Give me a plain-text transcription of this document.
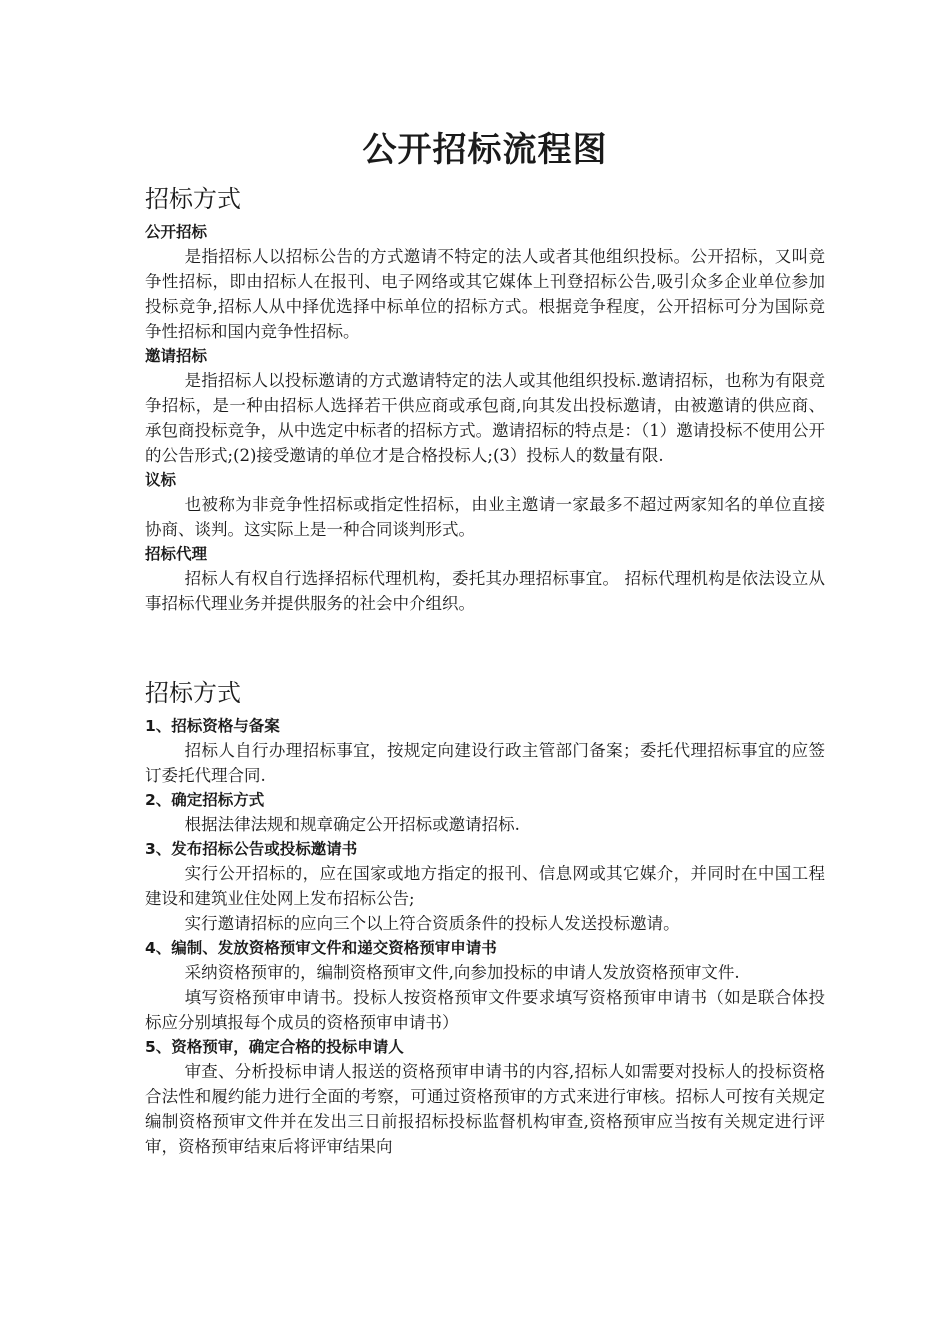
公开招标流程图
招标方式
公开招标

是指招标人以招标公告的方式邀请不特定的法人或者其他组织投标。公开招标，又叫竞争性招标，即由招标人在报刊、电子网络或其它媒体上刊登招标公告,吸引众多企业单位参加投标竞争,招标人从中择优选择中标单位的招标方式。根据竞争程度，公开招标可分为国际竞争性招标和国内竞争性招标。

邀请招标

是指招标人以投标邀请的方式邀请特定的法人或其他组织投标.邀请招标，也称为有限竞争招标，是一种由招标人选择若干供应商或承包商,向其发出投标邀请，由被邀请的供应商、承包商投标竞争，从中选定中标者的招标方式。邀请招标的特点是：（1）邀请投标不使用公开的公告形式;(2)接受邀请的单位才是合格投标人;(3）投标人的数量有限.

议标

也被称为非竞争性招标或指定性招标，由业主邀请一家最多不超过两家知名的单位直接协商、谈判。这实际上是一种合同谈判形式。

招标代理

招标人有权自行选择招标代理机构，委托其办理招标事宜。 招标代理机构是依法设立从事招标代理业务并提供服务的社会中介组织。

招标方式
1、招标资格与备案

招标人自行办理招标事宜，按规定向建设行政主管部门备案；委托代理招标事宜的应签订委托代理合同.

2、确定招标方式

根据法律法规和规章确定公开招标或邀请招标.

3、发布招标公告或投标邀请书

实行公开招标的，应在国家或地方指定的报刊、信息网或其它媒介，并同时在中国工程建设和建筑业住处网上发布招标公告;

实行邀请招标的应向三个以上符合资质条件的投标人发送投标邀请。

4、编制、发放资格预审文件和递交资格预审申请书

采纳资格预审的，编制资格预审文件,向参加投标的申请人发放资格预审文件.

填写资格预审申请书。投标人按资格预审文件要求填写资格预审申请书（如是联合体投标应分别填报每个成员的资格预审申请书）

5、资格预审，确定合格的投标申请人

审查、分析投标申请人报送的资格预审申请书的内容,招标人如需要对投标人的投标资格合法性和履约能力进行全面的考察，可通过资格预审的方式来进行审核。招标人可按有关规定编制资格预审文件并在发出三日前报招标投标监督机构审查,资格预审应当按有关规定进行评审，资格预审结束后将评审结果向
